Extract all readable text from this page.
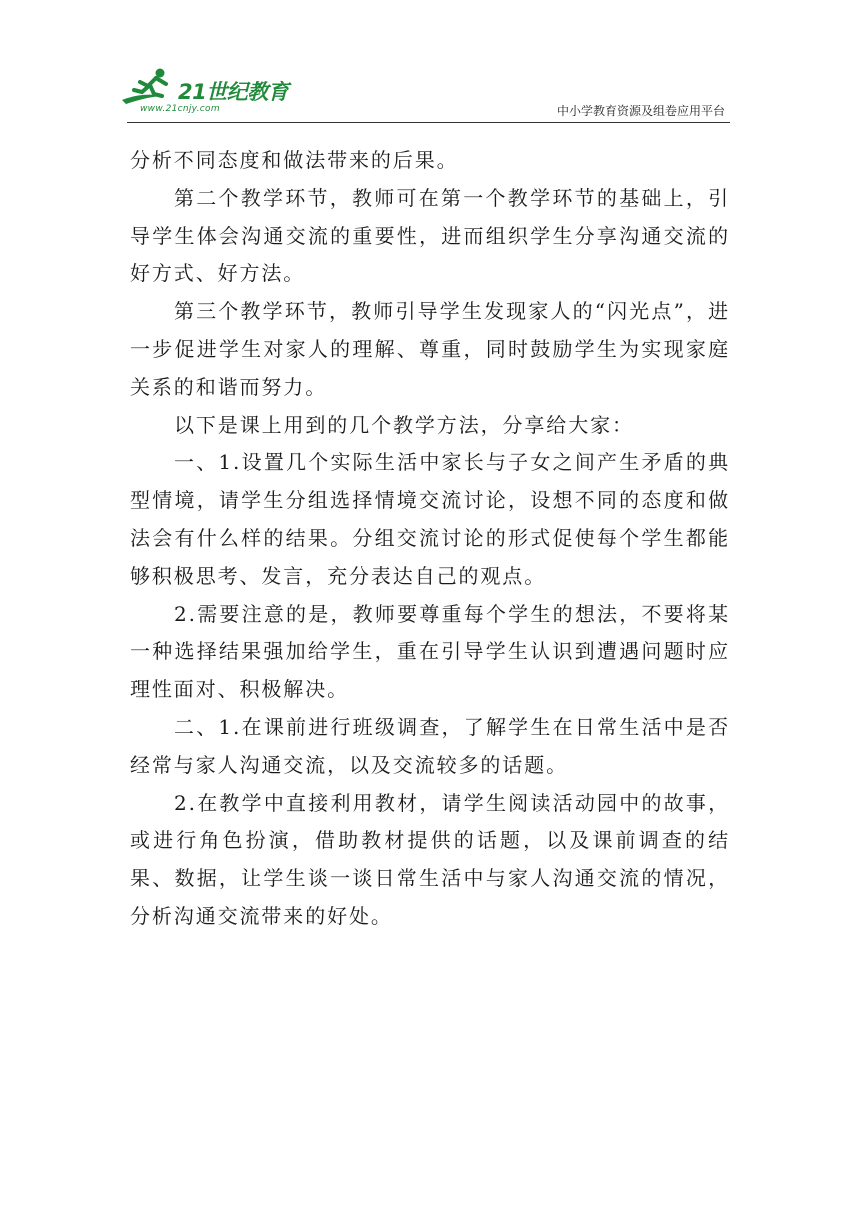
21世纪教育
www.21cnjy.com	中小学教育资源及组卷应用平台

分析不同态度和做法带来的后果。

第二个教学环节，教师可在第一个教学环节的基础上，引导学生体会沟通交流的重要性，进而组织学生分享沟通交流的好方式、好方法。

第三个教学环节，教师引导学生发现家人的“闪光点”，进一步促进学生对家人的理解、尊重，同时鼓励学生为实现家庭关系的和谐而努力。

以下是课上用到的几个教学方法，分享给大家：

一、1.设置几个实际生活中家长与子女之间产生矛盾的典型情境，请学生分组选择情境交流讨论，设想不同的态度和做法会有什么样的结果。分组交流讨论的形式促使每个学生都能够积极思考、发言，充分表达自己的观点。

2.需要注意的是，教师要尊重每个学生的想法，不要将某一种选择结果强加给学生，重在引导学生认识到遭遇问题时应理性面对、积极解决。

二、1.在课前进行班级调查，了解学生在日常生活中是否经常与家人沟通交流，以及交流较多的话题。

2.在教学中直接利用教材，请学生阅读活动园中的故事，或进行角色扮演，借助教材提供的话题，以及课前调查的结果、数据，让学生谈一谈日常生活中与家人沟通交流的情况，分析沟通交流带来的好处。
